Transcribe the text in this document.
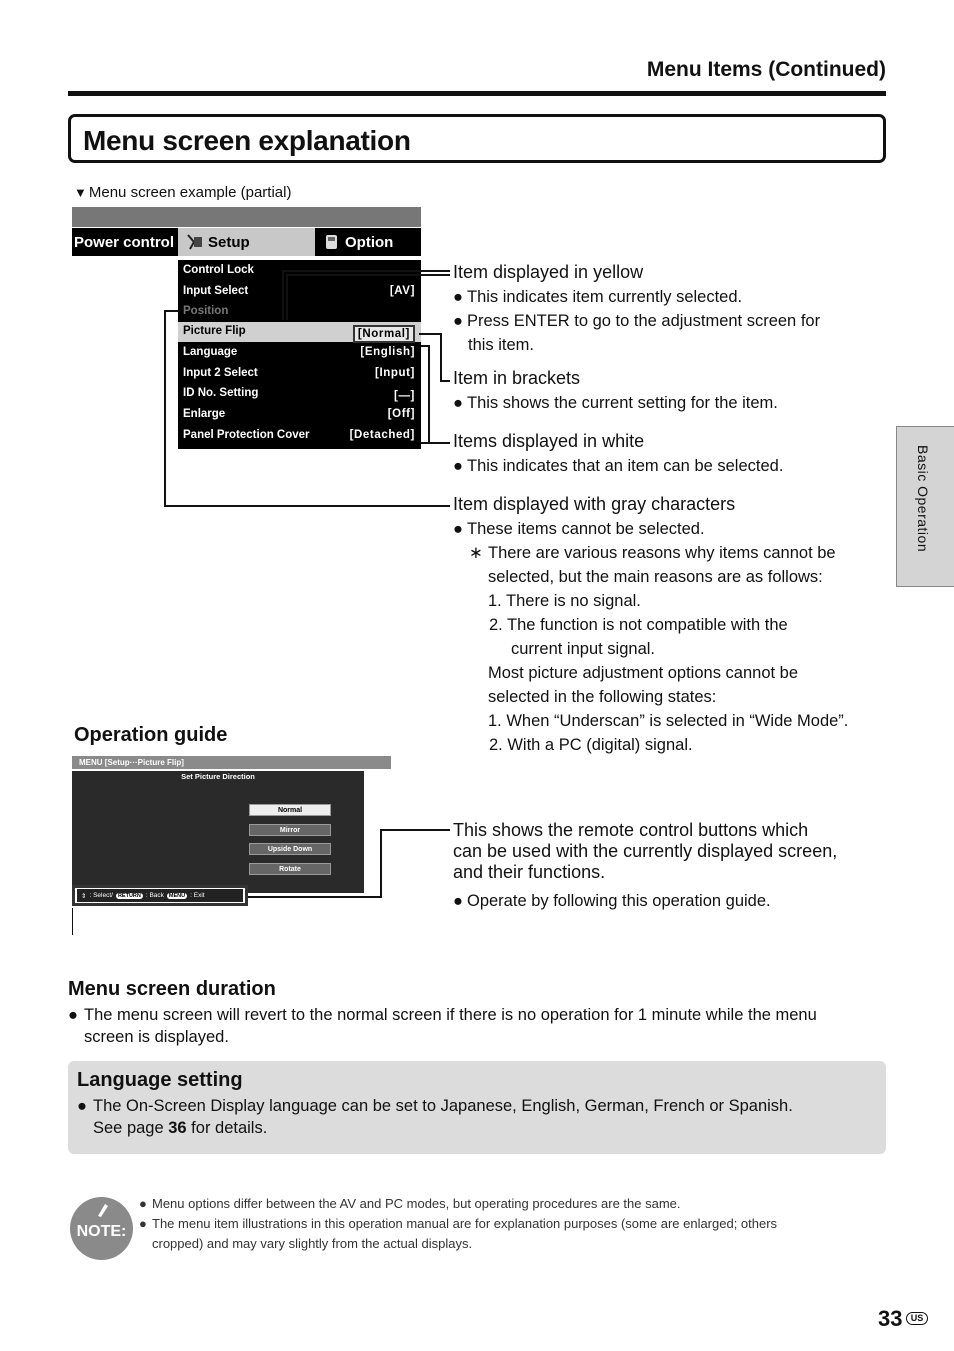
Menu Items (Continued)
Menu screen explanation
▼ Menu screen example (partial)
Power control Setup	Option
Control Lock
Input Select	[AV]
Position
Picture Flip	[Normal]
Language	[English]
Input 2 Select	[Input]
ID No. Setting	[—]
Enlarge	[Off]
Panel Protection Cover	[Detached]
Item displayed in yellow
● This indicates item currently selected.
● Press ENTER to go to the adjustment screen for
this item.
Item in brackets
● This shows the current setting for the item.
Items displayed in white
● This indicates that an item can be selected.
Item displayed with gray characters
● These items cannot be selected.
∗ There are various reasons why items cannot be
selected, but the main reasons are as follows:
1. There is no signal.
2. The function is not compatible with the
current input signal.
Most picture adjustment options cannot be
selected in the following states:
1. When “Underscan” is selected in “Wide Mode”.
2. With a PC (digital) signal.
Operation guide
MENU [Setup···Picture Flip]
Normal
Mirror
Upside Down
Rotate
Set Picture Direction
⇕ : Select/ RETURN : Back MENU : Exit
This shows the remote control buttons which
can be used with the currently displayed screen,
and their functions.
● Operate by following this operation guide.
Menu screen duration
● The menu screen will revert to the normal screen if there is no operation for 1 minute while the menu
screen is displayed.
Language setting
● The On-Screen Display language can be set to Japanese, English, German, French or Spanish.
See page 36 for details.
NOTE:
● Menu options differ between the AV and PC modes, but operating procedures are the same.
● The menu item illustrations in this operation manual are for explanation purposes (some are enlarged; others
cropped) and may vary slightly from the actual displays.
Basic Operation
33 US
